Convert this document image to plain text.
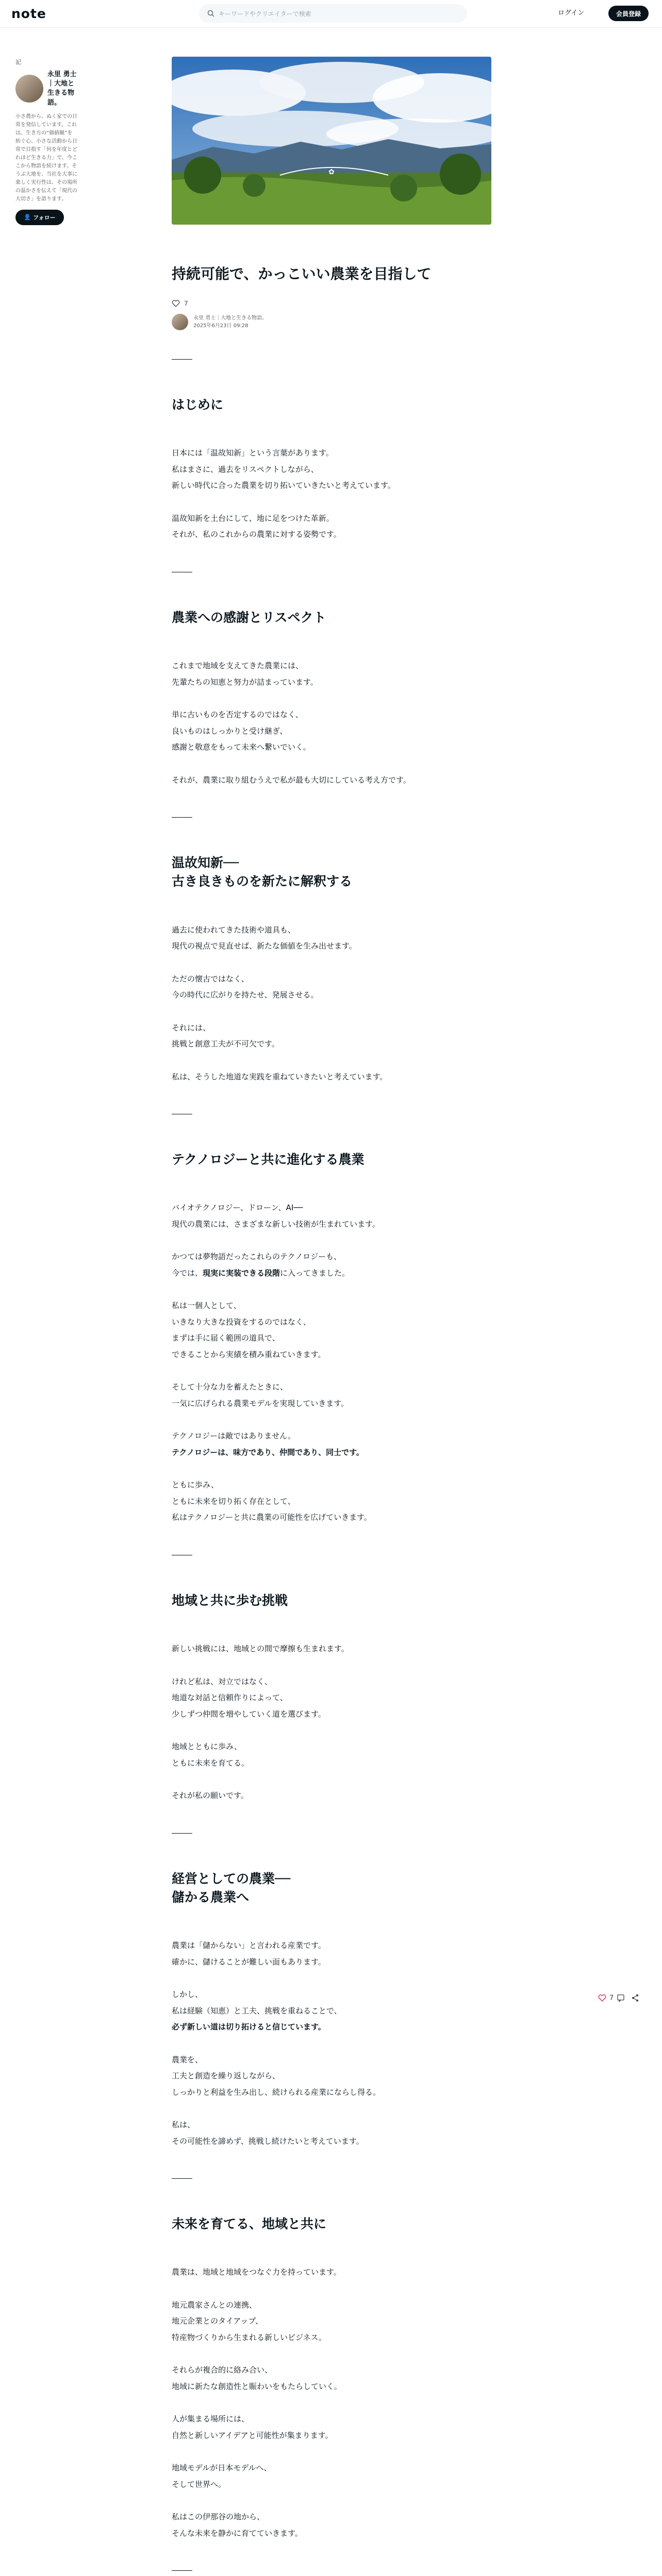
note	キーワードやクリエイターで検索	ログイン	会員登録
記
永里 勇士｜大地と生きる物語。
小さ農から、ぬく家での日常を発信しています。これは、生き方の“価値観”を紡ぐ心、小さな活動から日常で目指す「何を年度とどれほど生きる力」で、今ここから物語を続けます。そうぶ大地を、当社を大事に楽しく実行性は、その場所の温かさを伝えて「現代の大切さ」を語ります。
👤 フォロー
✿
持続可能で、かっこいい農業を目指して
7
永里 勇士｜大地と生きる物語。
2025年6月23日 09:28
はじめに

日本には「温故知新」という言葉があります。
私はまさに、過去をリスペクトしながら、
新しい時代に合った農業を切り拓いていきたいと考えています。

温故知新を土台にして、地に足をつけた革新。
それが、私のこれからの農業に対する姿勢です。

農業への感謝とリスペクト

これまで地域を支えてきた農業には、
先輩たちの知恵と努力が詰まっています。

単に古いものを否定するのではなく、
良いものはしっかりと受け継ぎ、
感謝と敬意をもって未来へ繋いでいく。

それが、農業に取り組むうえで私が最も大切にしている考え方です。

温故知新──
古き良きものを新たに解釈する

過去に使われてきた技術や道具も、
現代の視点で見直せば、新たな価値を生み出せます。

ただの懐古ではなく、
今の時代に広がりを持たせ、発展させる。

それには、
挑戦と創意工夫が不可欠です。

私は、そうした地道な実践を重ねていきたいと考えています。

テクノロジーと共に進化する農業

バイオテクノロジー、ドローン、AI──
現代の農業には、さまざまな新しい技術が生まれています。

かつては夢物語だったこれらのテクノロジーも、
今では、現実に実装できる段階に入ってきました。

私は一個人として、
いきなり大きな投資をするのではなく、
まずは手に届く範囲の道具で、
できることから実績を積み重ねていきます。

そして十分な力を蓄えたときに、
一気に広げられる農業モデルを実現していきます。

テクノロジーは敵ではありません。
テクノロジーは、味方であり、仲間であり、同士です。

ともに歩み、
ともに未来を切り拓く存在として、
私はテクノロジーと共に農業の可能性を広げていきます。

地域と共に歩む挑戦

新しい挑戦には、地域との間で摩擦も生まれます。

けれど私は、対立ではなく、
地道な対話と信頼作りによって、
少しずつ仲間を増やしていく道を選びます。

地域とともに歩み、
ともに未来を育てる。

それが私の願いです。

経営としての農業──
儲かる農業へ

農業は「儲からない」と言われる産業です。
確かに、儲けることが難しい面もあります。

しかし、
私は経験（知恵）と工夫、挑戦を重ねることで、
必ず新しい道は切り拓けると信じています。

農業を、
工夫と創造を繰り返しながら、
しっかりと利益を生み出し、続けられる産業にならし得る。

私は、
その可能性を諦めず、挑戦し続けたいと考えています。

未来を育てる、地域と共に

農業は、地域と地域をつなぐ力を持っています。

地元農家さんとの連携、
地元企業とのタイアップ、
特産物づくりから生まれる新しいビジネス。

それらが複合的に絡み合い、
地域に新たな創造性と賑わいをもたらしていく。

人が集まる場所には、
自然と新しいアイデアと可能性が集まります。

地域モデルが日本モデルへ、
そして世界へ。

私はこの伊那谷の地から、
そんな未来を静かに育てていきます。

7
